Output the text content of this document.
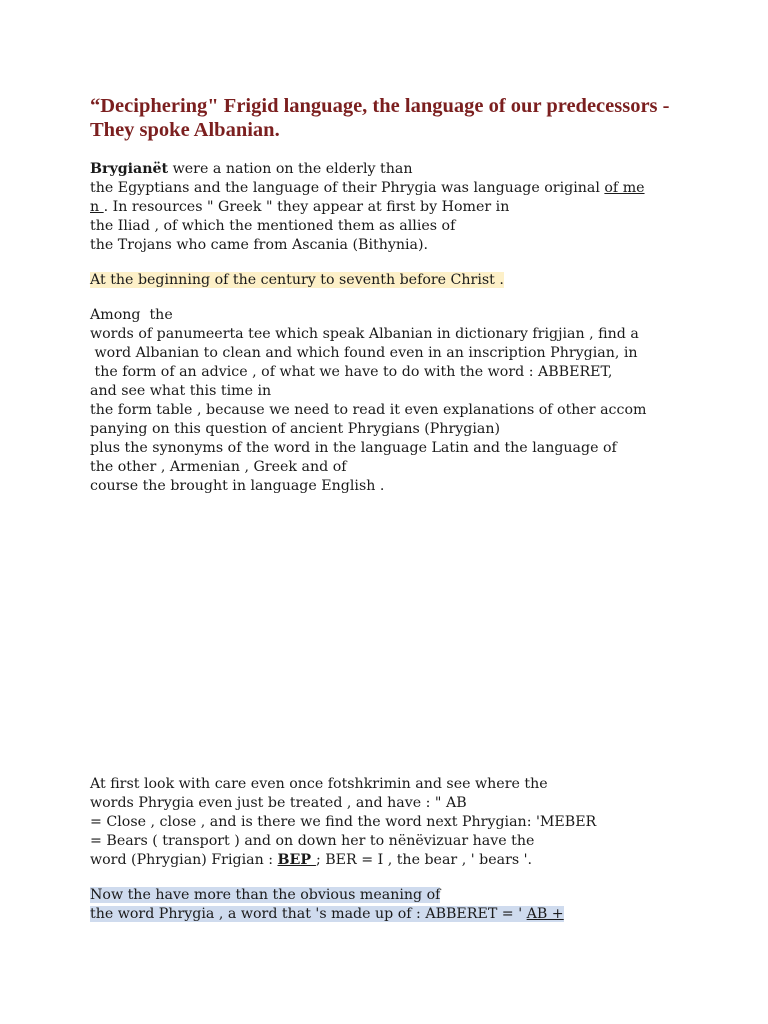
“Deciphering" Frigid language, the language of our predecessors -
They spoke Albanian.
Brygianët were a nation on the elderly than
the Egyptians and the language of their Phrygia was language original of me
n . In resources " Greek " they appear at first by Homer in
the Iliad , of which the mentioned them as allies of
the Trojans who came from Ascania (Bithynia).
At the beginning of the century to seventh before Christ .
Among  the
words of panumeerta tee which speak Albanian in dictionary frigjian , find a
word Albanian to clean and which found even in an inscription Phrygian, in
the form of an advice , of what we have to do with the word : ABBERET,
and see what this time in
the form table , because we need to read it even explanations of other accom
panying on this question of ancient Phrygians (Phrygian)
plus the synonyms of the word in the language Latin and the language of
the other , Armenian , Greek and of
course the brought in language English .
At first look with care even once fotshkrimin and see where the
words Phrygia even just be treated , and have : " AB
= Close , close , and is there we find the word next Phrygian: 'MEBER
= Bears ( transport ) and on down her to nënëvizuar have the
word (Phrygian) Frigian : BEP ; BER = I , the bear , ' bears '.
Now the have more than the obvious meaning of
the word Phrygia , a word that 's made up of : ABBERET = ' AB +
